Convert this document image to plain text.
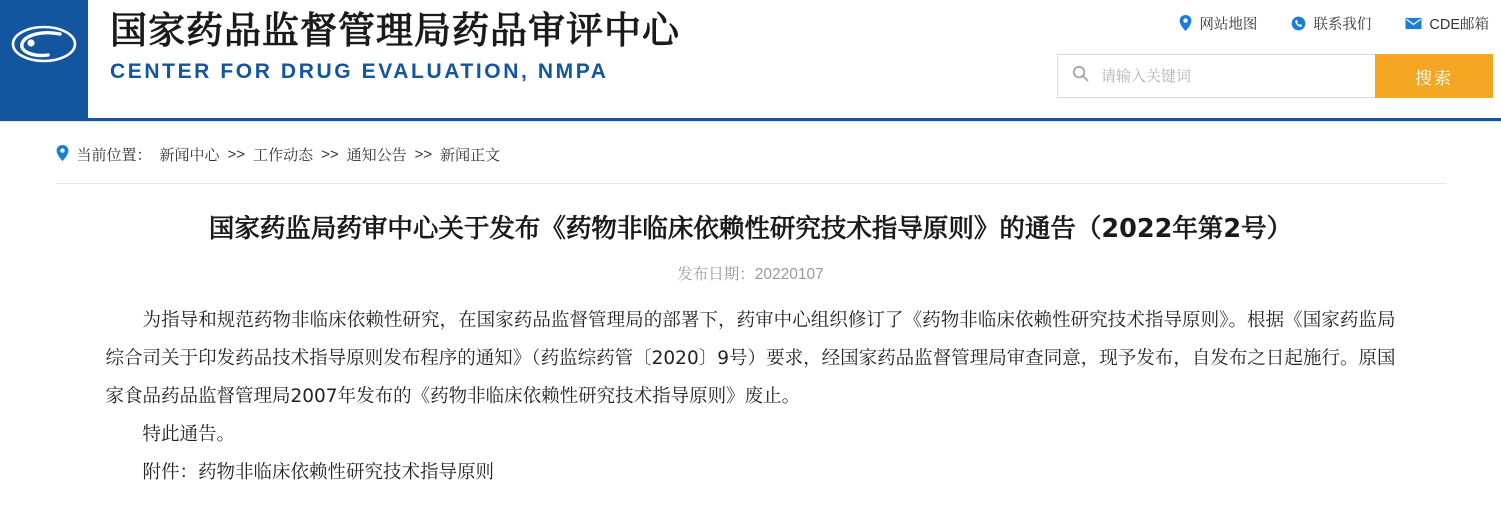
国家药品监督管理局药品审评中心
CENTER FOR DRUG EVALUATION, NMPA
网站地图	联系我们	CDE邮箱
请输入关键词
搜索
当前位置： 新闻中心 >> 工作动态 >> 通知公告 >> 新闻正文
国家药监局药审中心关于发布《药物非临床依赖性研究技术指导原则》的通告（2022年第2号）
发布日期：20220107

为指导和规范药物非临床依赖性研究，在国家药品监督管理局的部署下，药审中心组织修订了《药物非临床依赖性研究技术指导原则》。根据《国家药监局综合司关于印发药品技术指导原则发布程序的通知》（药监综药管〔2020〕9号）要求，经国家药品监督管理局审查同意，现予发布，自发布之日起施行。原国家食品药品监督管理局2007年发布的《药物非临床依赖性研究技术指导原则》废止。

特此通告。

附件：药物非临床依赖性研究技术指导原则
